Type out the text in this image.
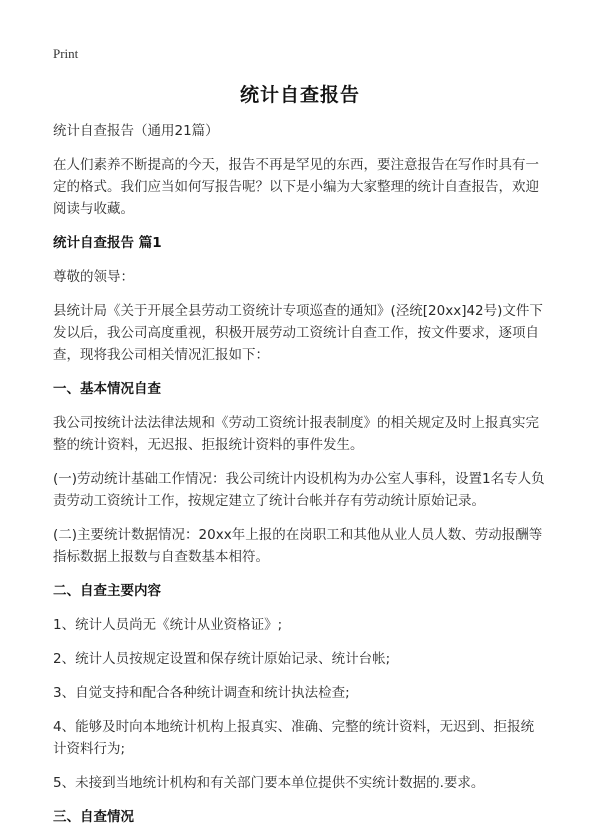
Print
统计自查报告

统计自查报告（通用21篇）

在人们素养不断提高的今天，报告不再是罕见的东西，要注意报告在写作时具有一定的格式。我们应当如何写报告呢？以下是小编为大家整理的统计自查报告，欢迎阅读与收藏。

统计自查报告 篇1

尊敬的领导：

县统计局《关于开展全县劳动工资统计专项巡查的通知》(泾统[20xx]42号)文件下发以后，我公司高度重视，积极开展劳动工资统计自查工作，按文件要求，逐项自查，现将我公司相关情况汇报如下：

一、基本情况自查

我公司按统计法法律法规和《劳动工资统计报表制度》的相关规定及时上报真实完整的统计资料，无迟报、拒报统计资料的事件发生。

(一)劳动统计基础工作情况：我公司统计内设机构为办公室人事科，设置1名专人负责劳动工资统计工作，按规定建立了统计台帐并存有劳动统计原始记录。

(二)主要统计数据情况：20xx年上报的在岗职工和其他从业人员人数、劳动报酬等指标数据上报数与自查数基本相符。

二、自查主要内容

1、统计人员尚无《统计从业资格证》;

2、统计人员按规定设置和保存统计原始记录、统计台帐;

3、自觉支持和配合各种统计调查和统计执法检查;

4、能够及时向本地统计机构上报真实、准确、完整的统计资料，无迟到、拒报统计资料行为;

5、未接到当地统计机构和有关部门要本单位提供不实统计数据的.要求。

三、自查情况
